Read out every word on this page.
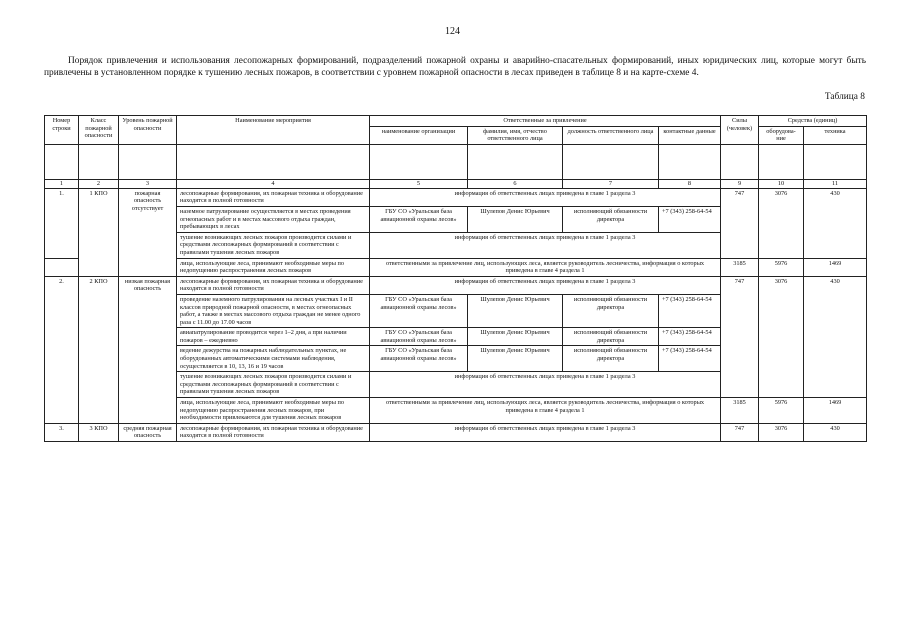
124
Порядок привлечения и использования лесопожарных формирований, подразделений пожарной охраны и аварийно-спасательных формирований, иных юридических лиц, которые могут быть привлечены в установленном порядке к тушению лесных пожаров, в соответствии с уровнем пожарной опасности в лесах приведен в таблице 8 и на карте-схеме 4.
Таблица 8
Номер строки	Класс пожарной опасности	Уровень пожарной опасности	Наименование мероприятия	Ответственные за привлечение				Силы (человек)	Средства (единиц)	
				наименование организации	фамилия, имя, отчество ответственного лица	должность ответственного лица	контактные данные		оборудова-ние	техника

1	2	3	4	5	6	7	8	9	10	11
1.	1 КПО	пожарная опасность отсутствует	лесопожарные формирования, их пожарная техника и оборудование находятся в полной готовности	информация об ответственных лицах приведена в главе 1 раздела 3				747	3076	430
			наземное патрулирование осуществляется в местах проведения огнеопасных работ и в местах массового отдыха граждан, пребывающих в лесах	ГБУ СО «Уральская база авиационной охраны лесов»	Шулепов Денис Юрьевич	исполняющий обязанности директора	+7 (343) 258-64-54			
			тушение возникающих лесных пожаров производится силами и средствами лесопожарных формирований в соответствии с правилами тушения лесных пожаров	информация об ответственных лицах приведена в главе 1 раздела 3						
			лица, использующие леса, принимают необходимые меры по недопущению распространения лесных пожаров	ответственными за привлечение лиц, использующих леса, является руководитель лесничества, информация о которых приведена в главе 4 раздела 1				3185	5976	1469
2.	2 КПО	низкая пожарная опасность	лесопожарные формирования, их пожарная техника и оборудование находятся в полной готовности	информация об ответственных лицах приведена в главе 1 раздела 3				747	3076	430
			проведение наземного патрулирования на лесных участках I и II классов природной пожарной опасности, в местах огнеопасных работ, а также в местах массового отдыха граждан не менее одного раза с 11.00 до 17.00 часов	ГБУ СО «Уральская база авиационной охраны лесов»	Шулепов Денис Юрьевич	исполняющий обязанности директора	+7 (343) 258-64-54			
			авиапатрулирование проводится через 1–2 дня, а при наличии пожаров – ежедневно	ГБУ СО «Уральская база авиационной охраны лесов»	Шулепов Денис Юрьевич	исполняющий обязанности директора	+7 (343) 258-64-54			
			ведение дежурства на пожарных наблюдательных пунктах, не оборудованных автоматическими системами наблюдения, осуществляется в 10, 13, 16 и 19 часов	ГБУ СО «Уральская база авиационной охраны лесов»	Шулепов Денис Юрьевич	исполняющий обязанности директора	+7 (343) 258-64-54			
			тушение возникающих лесных пожаров производится силами и средствами лесопожарных формирований в соответствии с правилами тушения лесных пожаров	информация об ответственных лицах приведена в главе 1 раздела 3						
			лица, использующие леса, принимают необходимые меры по недопущению распространения лесных пожаров, при необходимости привлекаются для тушения лесных пожаров	ответственными за привлечение лиц, использующих леса, является руководитель лесничества, информация о которых приведена в главе 4 раздела 1				3185	5976	1469
3.	3 КПО	средняя пожарная опасность	лесопожарные формирования, их пожарная техника и оборудование находятся в полной готовности	информация об ответственных лицах приведена в главе 1 раздела 3				747	3076	430
